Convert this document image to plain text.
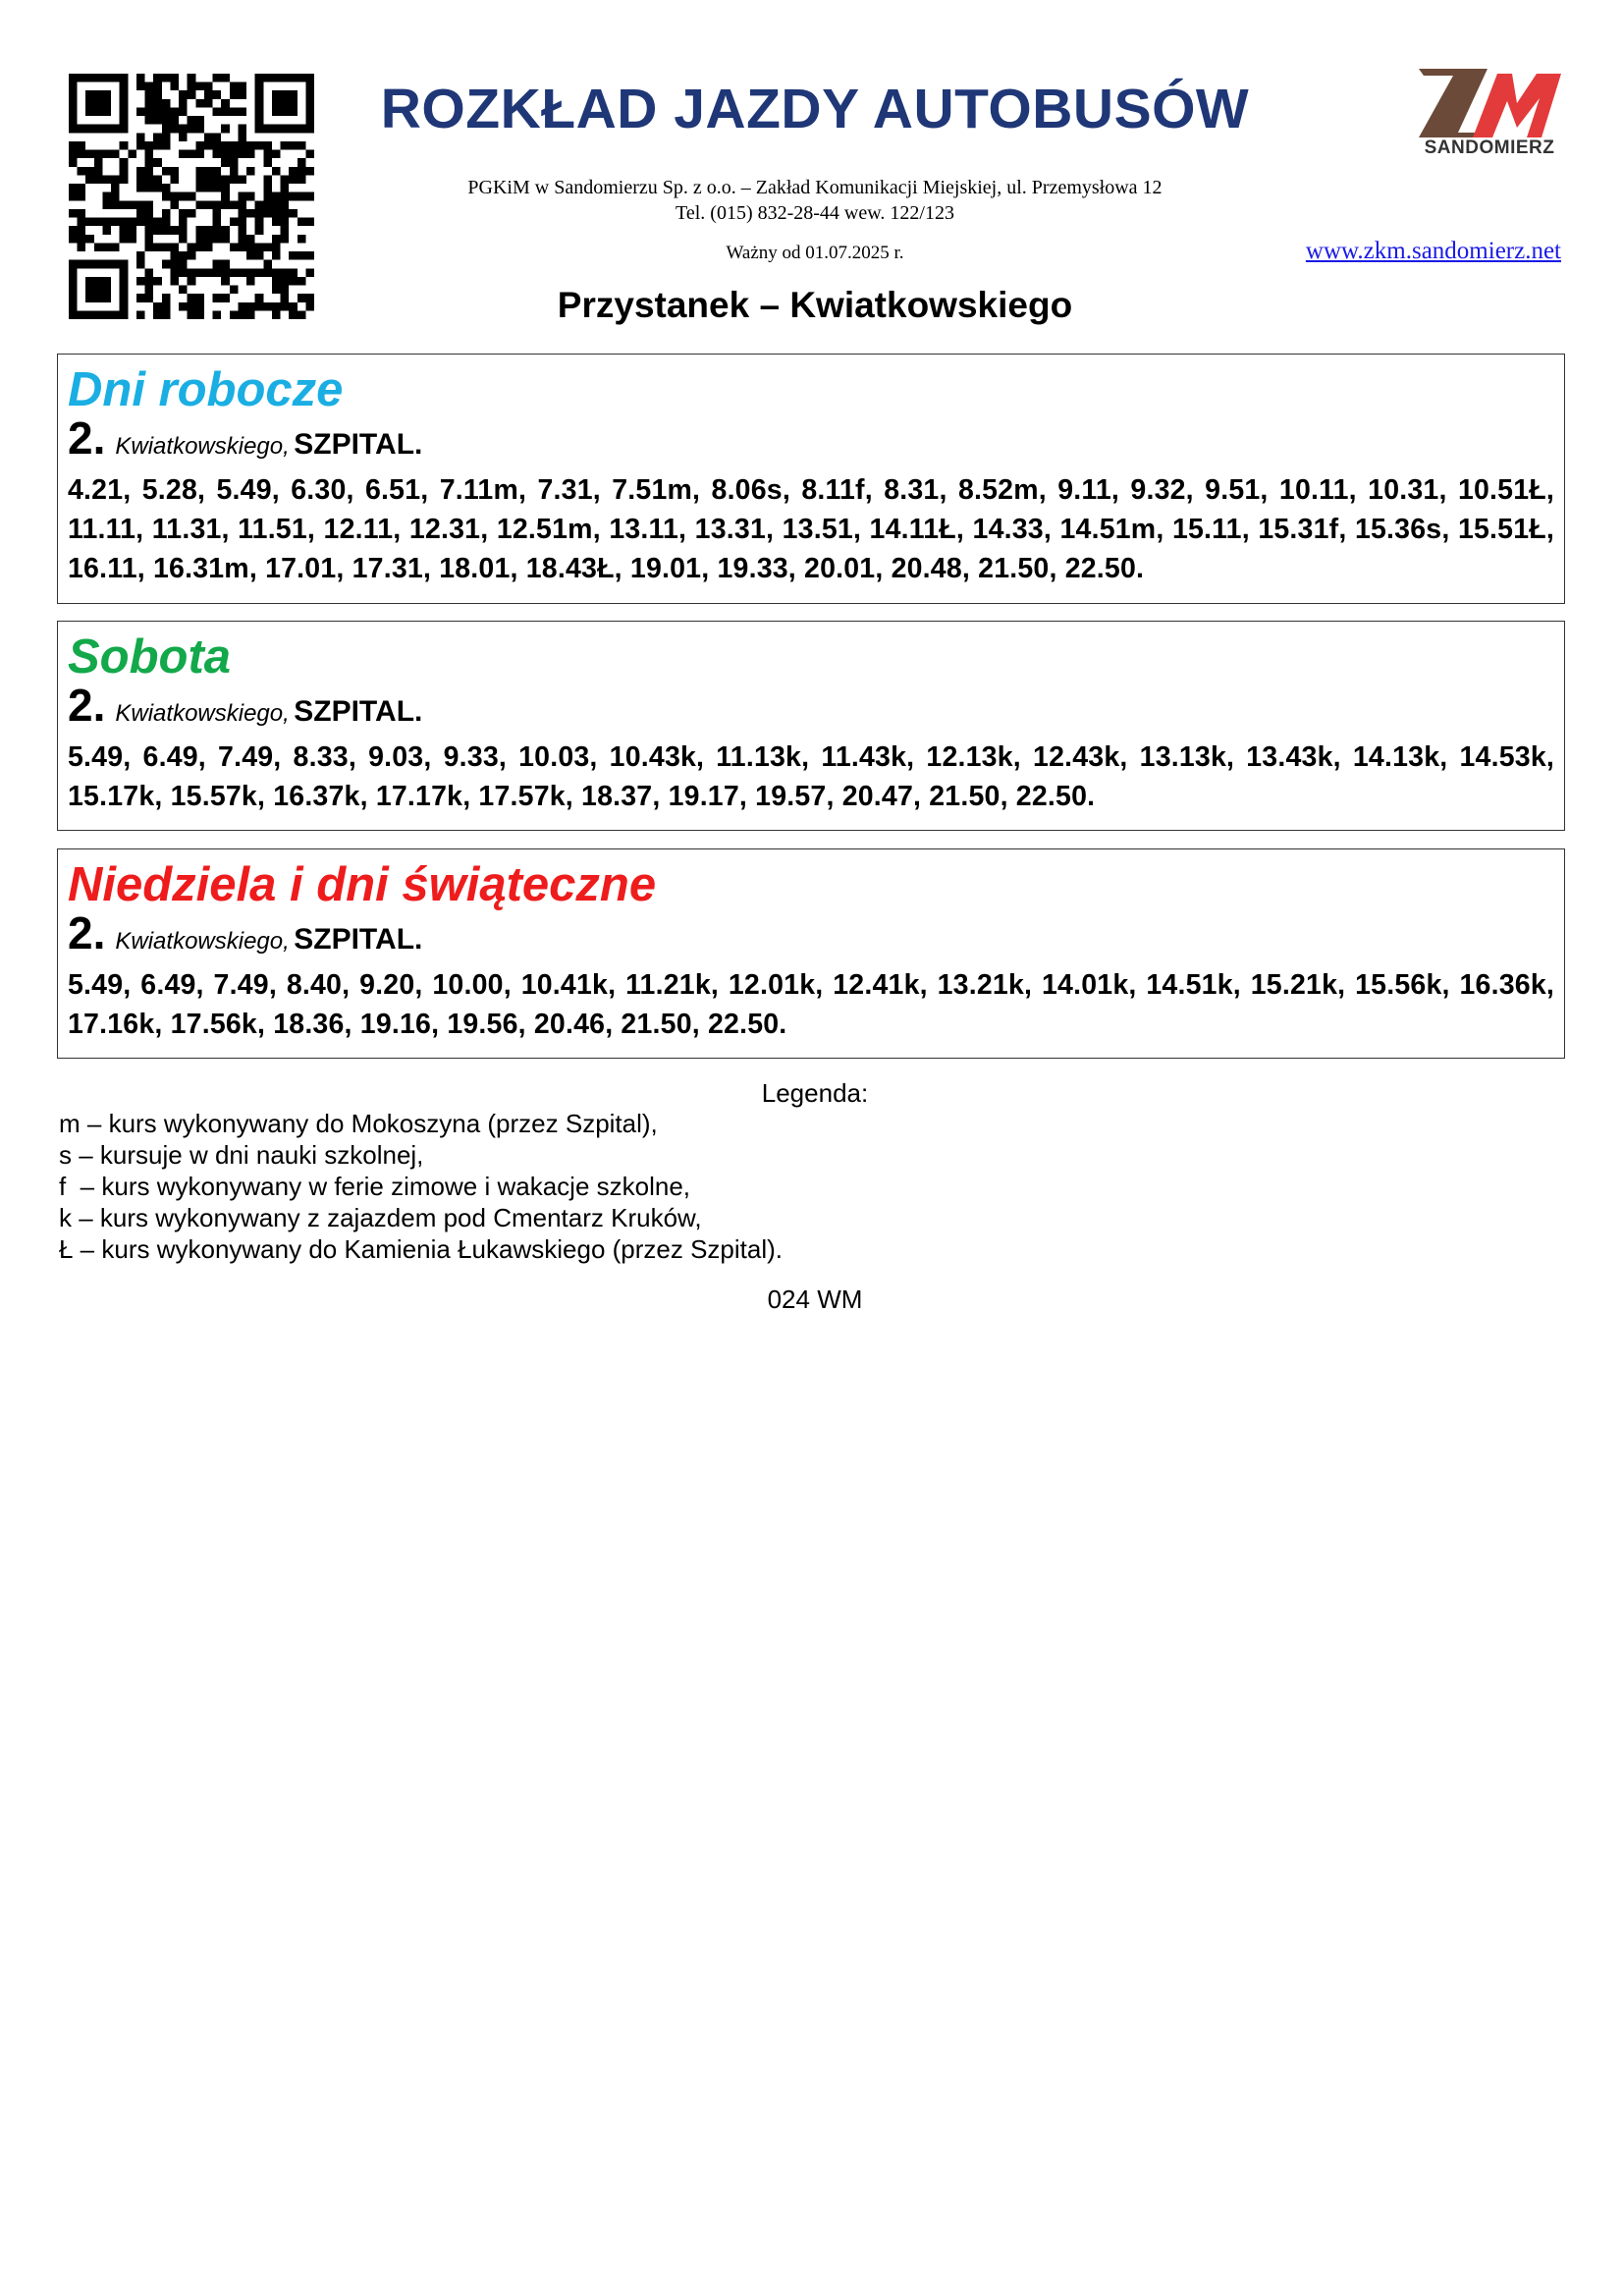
SANDOMIERZ
ROZKŁAD JAZDY AUTOBUSÓW
PGKiM w Sandomierzu Sp. z o.o. – Zakład Komunikacji Miejskiej, ul. Przemysłowa 12
Tel. (015) 832-28-44 wew. 122/123
Ważny od 01.07.2025 r.	www.zkm.sandomierz.net
Przystanek – Kwiatkowskiego
Dni robocze
2. Kwiatkowskiego, SZPITAL.
4.21, 5.28, 5.49, 6.30, 6.51, 7.11m, 7.31, 7.51m, 8.06s, 8.11f, 8.31, 8.52m, 9.11, 9.32, 9.51, 10.11, 10.31, 10.51Ł, 11.11, 11.31, 11.51, 12.11, 12.31, 12.51m, 13.11, 13.31, 13.51, 14.11Ł, 14.33, 14.51m, 15.11, 15.31f, 15.36s, 15.51Ł, 16.11, 16.31m, 17.01, 17.31, 18.01, 18.43Ł, 19.01, 19.33, 20.01, 20.48, 21.50, 22.50.
Sobota
2. Kwiatkowskiego, SZPITAL.
5.49, 6.49, 7.49, 8.33, 9.03, 9.33, 10.03, 10.43k, 11.13k, 11.43k, 12.13k, 12.43k, 13.13k, 13.43k, 14.13k, 14.53k, 15.17k, 15.57k, 16.37k, 17.17k, 17.57k, 18.37, 19.17, 19.57, 20.47, 21.50, 22.50.
Niedziela i dni świąteczne
2. Kwiatkowskiego, SZPITAL.
5.49, 6.49, 7.49, 8.40, 9.20, 10.00, 10.41k, 11.21k, 12.01k, 12.41k, 13.21k, 14.01k, 14.51k, 15.21k, 15.56k, 16.36k, 17.16k, 17.56k, 18.36, 19.16, 19.56, 20.46, 21.50, 22.50.
Legenda:
m – kurs wykonywany do Mokoszyna (przez Szpital),
s – kursuje w dni nauki szkolnej,
f  – kurs wykonywany w ferie zimowe i wakacje szkolne,
k – kurs wykonywany z zajazdem pod Cmentarz Kruków,
Ł – kurs wykonywany do Kamienia Łukawskiego (przez Szpital).
024 WM
